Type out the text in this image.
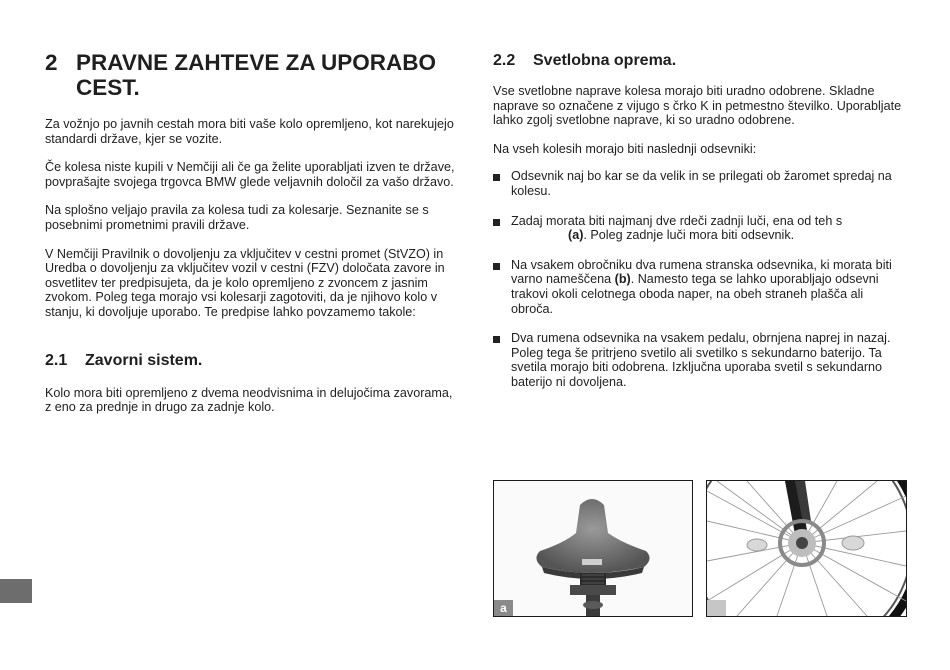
2 PRAVNE ZAHTEVE ZA UPORABO
CEST.

Za vožnjo po javnih cestah mora biti vaše kolo opremljeno, kot narekujejo standardi države, kjer se vozite.

Če kolesa niste kupili v Nemčiji ali če ga želite uporabljati izven te države, povprašajte svojega trgovca BMW glede veljavnih določil za vašo državo.

Na splošno veljajo pravila za kolesa tudi za kolesarje. Seznanite se s posebnimi prometnimi pravili države.

V Nemčiji Pravilnik o dovoljenju za vključitev v cestni promet (StVZO) in Uredba o dovoljenju za vključitev vozil v cestni (FZV) določata zavore in osvetlitev ter predpisujeta, da je kolo opremljeno z zvoncem z jasnim zvokom. Poleg tega morajo vsi kolesarji zagotoviti, da je njihovo kolo v stanju, ki dovoljuje uporabo. Te predpise lahko povzamemo takole:

2.1	Zavorni sistem.

Kolo mora biti opremljeno z dvema neodvisnima in delujočima zavorama, z eno za prednje in drugo za zadnje kolo.

2.2	Svetlobna oprema.

Vse svetlobne naprave kolesa morajo biti uradno odobrene. Skladne naprave so označene z vijugo s črko K in petmestno številko. Uporabljate lahko zgolj svetlobne naprave, ki so uradno odobrene.

Na vseh kolesih morajo biti naslednji odsevniki:

Odsevnik naj bo kar se da velik in se prilegati ob žaromet spredaj na kolesu.
Zadaj morata biti najmanj dve rdeči zadnji luči, ena od teh s
(a). Poleg zadnje luči mora biti odsevnik.
Na vsakem obročniku dva rumena stranska odsevnika, ki morata biti varno nameščena (b). Namesto tega se lahko uporabljajo odsevni trakovi okoli celotnega oboda naper, na obeh straneh plašča ali obroča.
Dva rumena odsevnika na vsakem pedalu, obrnjena naprej in nazaj. Poleg tega še pritrjeno svetilo ali svetilko s sekundarno baterijo. Ta svetila morajo biti odobrena. Izključna uporaba svetil s sekundarno baterijo ni dovoljena.
a
